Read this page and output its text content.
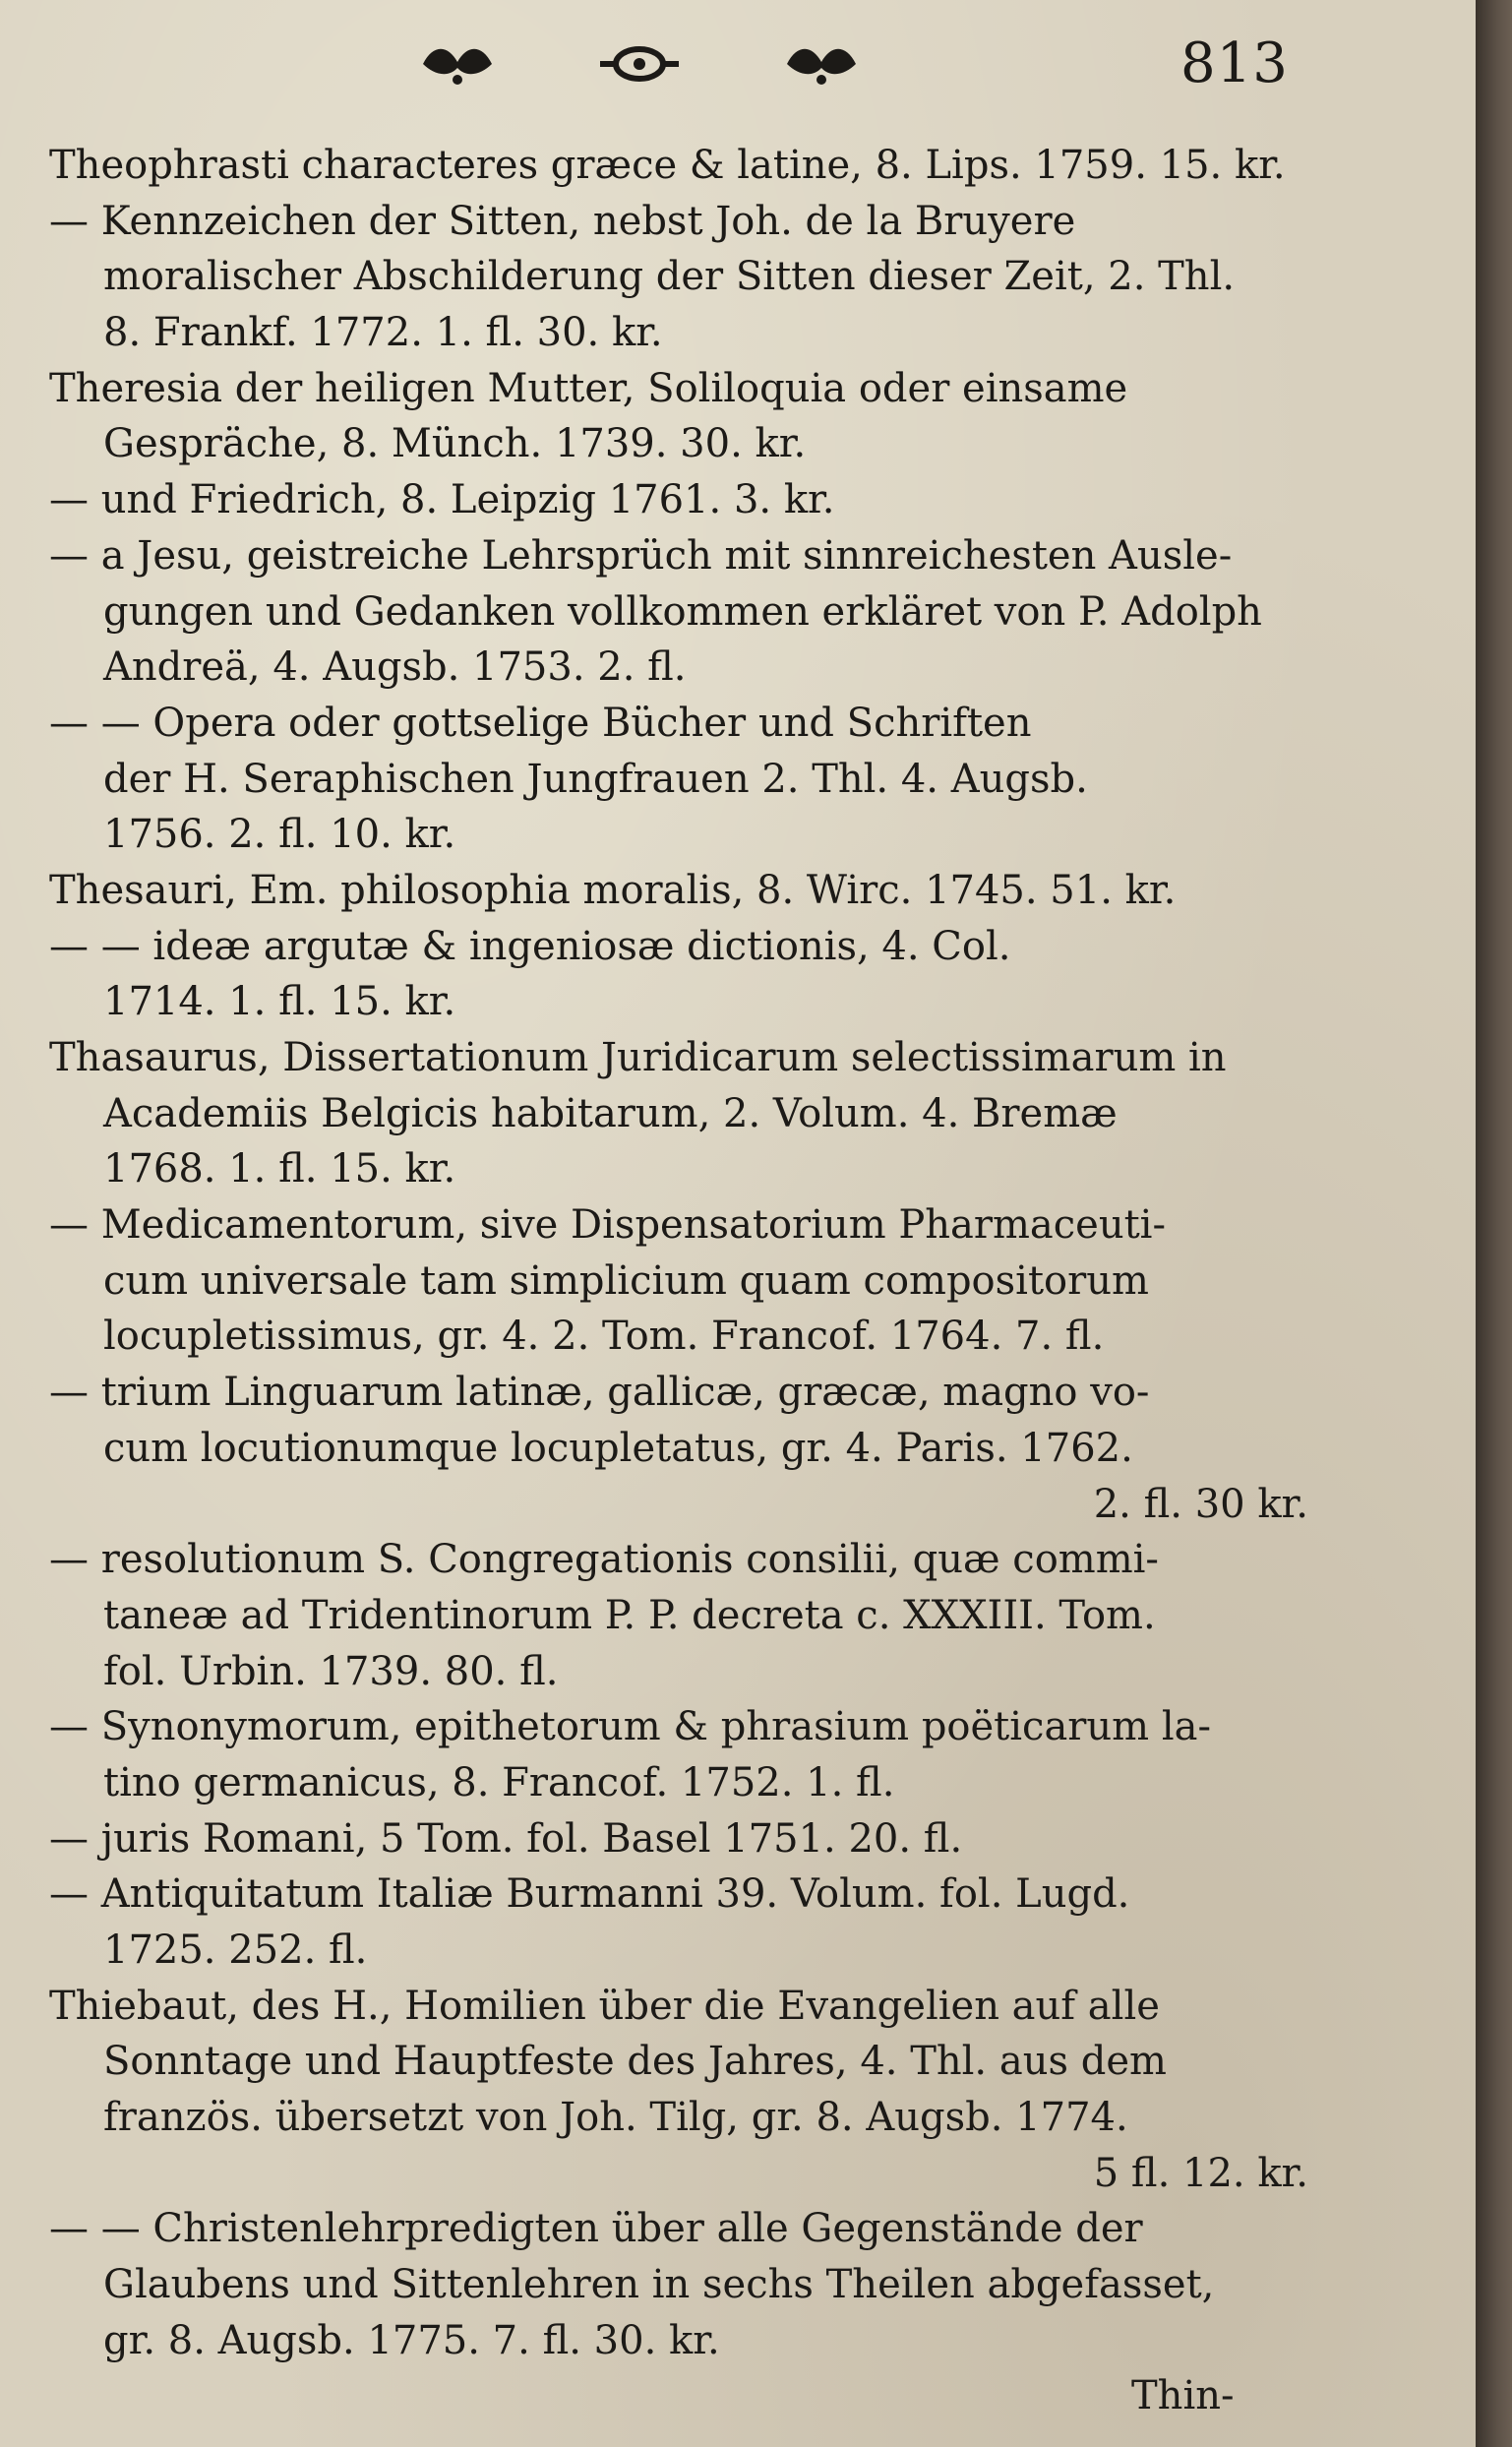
813
Theophrasti characteres græce & latine, 8. Lips. 1759. 15. kr.
— Kennzeichen der Sitten, nebst Joh. de la Bruyere
moralischer Abschilderung der Sitten dieser Zeit, 2. Thl.
8. Frankf. 1772. 1. fl. 30. kr.
Theresia der heiligen Mutter, Soliloquia oder einsame
Gespräche, 8. Münch. 1739. 30. kr.
— und Friedrich, 8. Leipzig 1761. 3. kr.
— a Jesu, geistreiche Lehrsprüch mit sinnreichesten Ausle-
gungen und Gedanken vollkommen erkläret von P. Adolph
Andreä, 4. Augsb. 1753. 2. fl.
— — Opera oder gottselige Bücher und Schriften
der H. Seraphischen Jungfrauen 2. Thl. 4. Augsb.
1756. 2. fl. 10. kr.
Thesauri, Em. philosophia moralis, 8. Wirc. 1745. 51. kr.
— — ideæ argutæ & ingeniosæ dictionis, 4. Col.
1714. 1. fl. 15. kr.
Thasaurus, Dissertationum Juridicarum selectissimarum in
Academiis Belgicis habitarum, 2. Volum. 4. Bremæ
1768. 1. fl. 15. kr.
— Medicamentorum, sive Dispensatorium Pharmaceuti-
cum universale tam simplicium quam compositorum
locupletissimus, gr. 4. 2. Tom. Francof. 1764. 7. fl.
— trium Linguarum latinæ, gallicæ, græcæ, magno vo-
cum locutionumque locupletatus, gr. 4. Paris. 1762.
2. fl. 30 kr.
— resolutionum S. Congregationis consilii, quæ commi-
taneæ ad Tridentinorum P. P. decreta c. XXXIII. Tom.
fol. Urbin. 1739. 80. fl.
— Synonymorum, epithetorum & phrasium poëticarum la-
tino germanicus, 8. Francof. 1752. 1. fl.
— juris Romani, 5 Tom. fol. Basel 1751. 20. fl.
— Antiquitatum Italiæ Burmanni 39. Volum. fol. Lugd.
1725. 252. fl.
Thiebaut, des H., Homilien über die Evangelien auf alle
Sonntage und Hauptfeste des Jahres, 4. Thl. aus dem
französ. übersetzt von Joh. Tilg, gr. 8. Augsb. 1774.
5 fl. 12. kr.
— — Christenlehrpredigten über alle Gegenstände der
Glaubens und Sittenlehren in sechs Theilen abgefasset,
gr. 8. Augsb. 1775. 7. fl. 30. kr.
Thin-
